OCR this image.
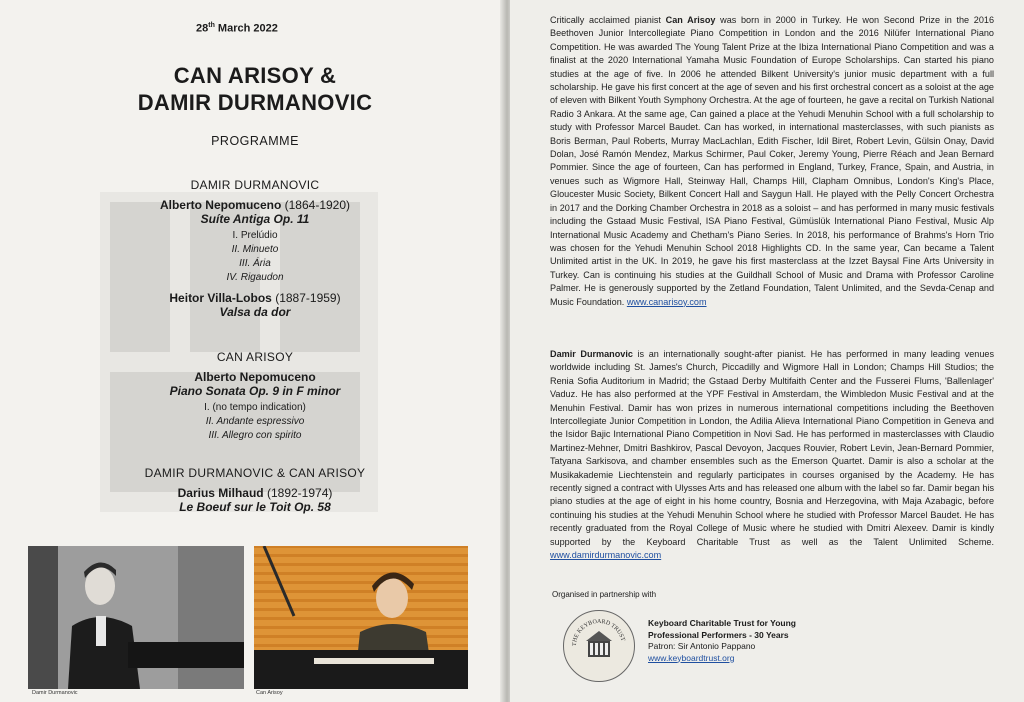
28th March 2022
CAN ARISOY &
DAMIR DURMANOVIC
PROGRAMME
DAMIR DURMANOVIC
Alberto Nepomuceno (1864-1920)
Suíte Antiga Op. 11
I. Prelúdio
II. Minueto
III. Ária
IV. Rigaudon
Heitor Villa-Lobos (1887-1959)
Valsa da dor
CAN ARISOY
Alberto Nepomuceno
Piano Sonata Op. 9 in F minor
I. (no tempo indication)
II. Andante espressivo
III. Allegro con spirito
DAMIR DURMANOVIC & CAN ARISOY
Darius Milhaud (1892-1974)
Le Boeuf sur le Toit Op. 58
Damir Durmanovic	Can Arisoy
Critically acclaimed pianist Can Arisoy was born in 2000 in Turkey. He won Second Prize in the 2016 Beethoven Junior Intercollegiate Piano Competition in London and the 2016 Nilüfer International Piano Competition. He was awarded The Young Talent Prize at the Ibiza International Piano Competition and was a finalist at the 2020 International Yamaha Music Foundation of Europe Scholarships. Can started his piano studies at the age of five. In 2006 he attended Bilkent University's junior music department with a full scholarship. He gave his first concert at the age of seven and his first orchestral concert as a soloist at the age of eleven with Bilkent Youth Symphony Orchestra. At the age of fourteen, he gave a recital on Turkish National Radio 3 Ankara. At the same age, Can gained a place at the Yehudi Menuhin School with a full scholarship to study with Professor Marcel Baudet. Can has worked, in international masterclasses, with such pianists as Boris Berman, Paul Roberts, Murray MacLachlan, Edith Fischer, Idil Biret, Robert Levin, Gülsin Onay, David Dolan, José Ramón Mendez, Markus Schirmer, Paul Coker, Jeremy Young, Pierre Réach and Jean Bernard Pommier. Since the age of fourteen, Can has performed in England, Turkey, France, Spain, and Austria, in venues such as Wigmore Hall, Steinway Hall, Champs Hill, Clapham Omnibus, London's King's Place, Gloucester Music Society, Bilkent Concert Hall and Saygun Hall. He played with the Pelly Concert Orchestra in 2017 and the Dorking Chamber Orchestra in 2018 as a soloist – and has performed in many music festivals including the Gstaad Music Festival, ISA Piano Festival, Gümüslük International Piano Festival, Music Alp International Music Academy and Chetham's Piano Series. In 2018, his performance of Brahms's Horn Trio was chosen for the Yehudi Menuhin School 2018 Highlights CD. In the same year, Can became a Talent Unlimited artist in the UK. In 2019, he gave his first masterclass at the Izzet Baysal Fine Arts University in Turkey. Can is continuing his studies at the Guildhall School of Music and Drama with Professor Caroline Palmer. He is generously supported by the Zetland Foundation, Talent Unlimited, and the Sevda-Cenap and Music Foundation. www.canarisoy.com
Damir Durmanovic is an internationally sought-after pianist. He has performed in many leading venues worldwide including St. James's Church, Piccadilly and Wigmore Hall in London; Champs Hill Studios; the Renia Sofia Auditorium in Madrid; the Gstaad Derby Multifaith Center and the Fusserei Flums, 'Ballenlager' Vaduz. He has also performed at the YPF Festival in Amsterdam, the Wimbledon Music Festival and at the Menuhin Festival. Damir has won prizes in numerous international competitions including the Beethoven Intercollegiate Junior Competition in London, the Adilia Alieva International Piano Competition in Geneva and the Isidor Bajic International Piano Competition in Novi Sad. He has performed in masterclasses with Claudio Martinez-Mehner, Dmitri Bashkirov, Pascal Devoyon, Jacques Rouvier, Robert Levin, Jean-Bernard Pommier, Tatyana Sarkisova, and chamber ensembles such as the Emerson Quartet. Damir is also a scholar at the Musikakademie Liechtenstein and regularly participates in courses organised by the Academy. He has recently signed a contract with Ulysses Arts and has released one album with the label so far. Damir began his piano studies at the age of eight in his home country, Bosnia and Herzegovina, with Maja Azabagic, before continuing his studies at the Yehudi Menuhin School where he studied with Professor Marcel Baudet. He has recently graduated from the Royal College of Music where he studied with Dmitri Alexeev. Damir is kindly supported by the Keyboard Charitable Trust as well as the Talent Unlimited Scheme. www.damirdurmanovic.com
Organised in partnership with
THE KEYBOARD TRUST
Keyboard Charitable Trust for Young
Professional Performers - 30 Years
Patron: Sir Antonio Pappano
www.keyboardtrust.org
